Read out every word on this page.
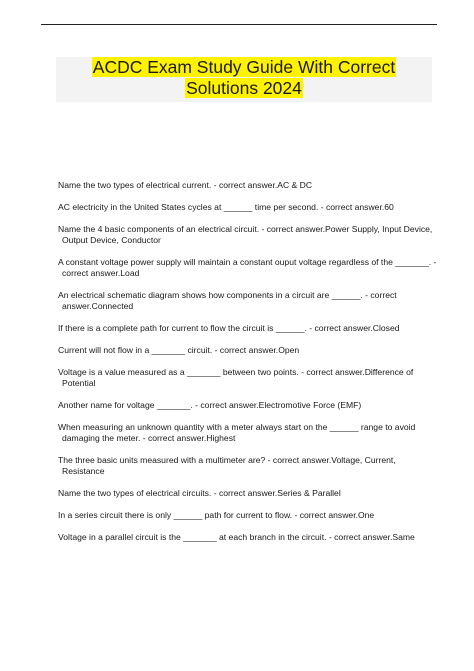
ACDC Exam Study Guide With Correct Solutions 2024
Name the two types of electrical current. - correct answer.AC & DC
AC electricity in the United States cycles at ______ time per second. - correct answer.60
Name the 4 basic components of an electrical circuit. - correct answer.Power Supply, Input Device, Output Device, Conductor
A constant voltage power supply will maintain a constant ouput voltage regardless of the _______. - correct answer.Load
An electrical schematic diagram shows how components in a circuit are ______. - correct answer.Connected
If there is a complete path for current to flow the circuit is ______. - correct answer.Closed
Current will not flow in a _______ circuit. - correct answer.Open
Voltage is a value measured as a _______ between two points. - correct answer.Difference of Potential
Another name for voltage _______. - correct answer.Electromotive Force (EMF)
When measuring an unknown quantity with a meter always start on the ______ range to avoid damaging the meter. - correct answer.Highest
The three basic units measured with a multimeter are? - correct answer.Voltage, Current, Resistance
Name the two types of electrical circuits. - correct answer.Series & Parallel
In a series circuit there is only ______ path for current to flow. - correct answer.One
Voltage in a parallel circuit is the _______ at each branch in the circuit. - correct answer.Same
